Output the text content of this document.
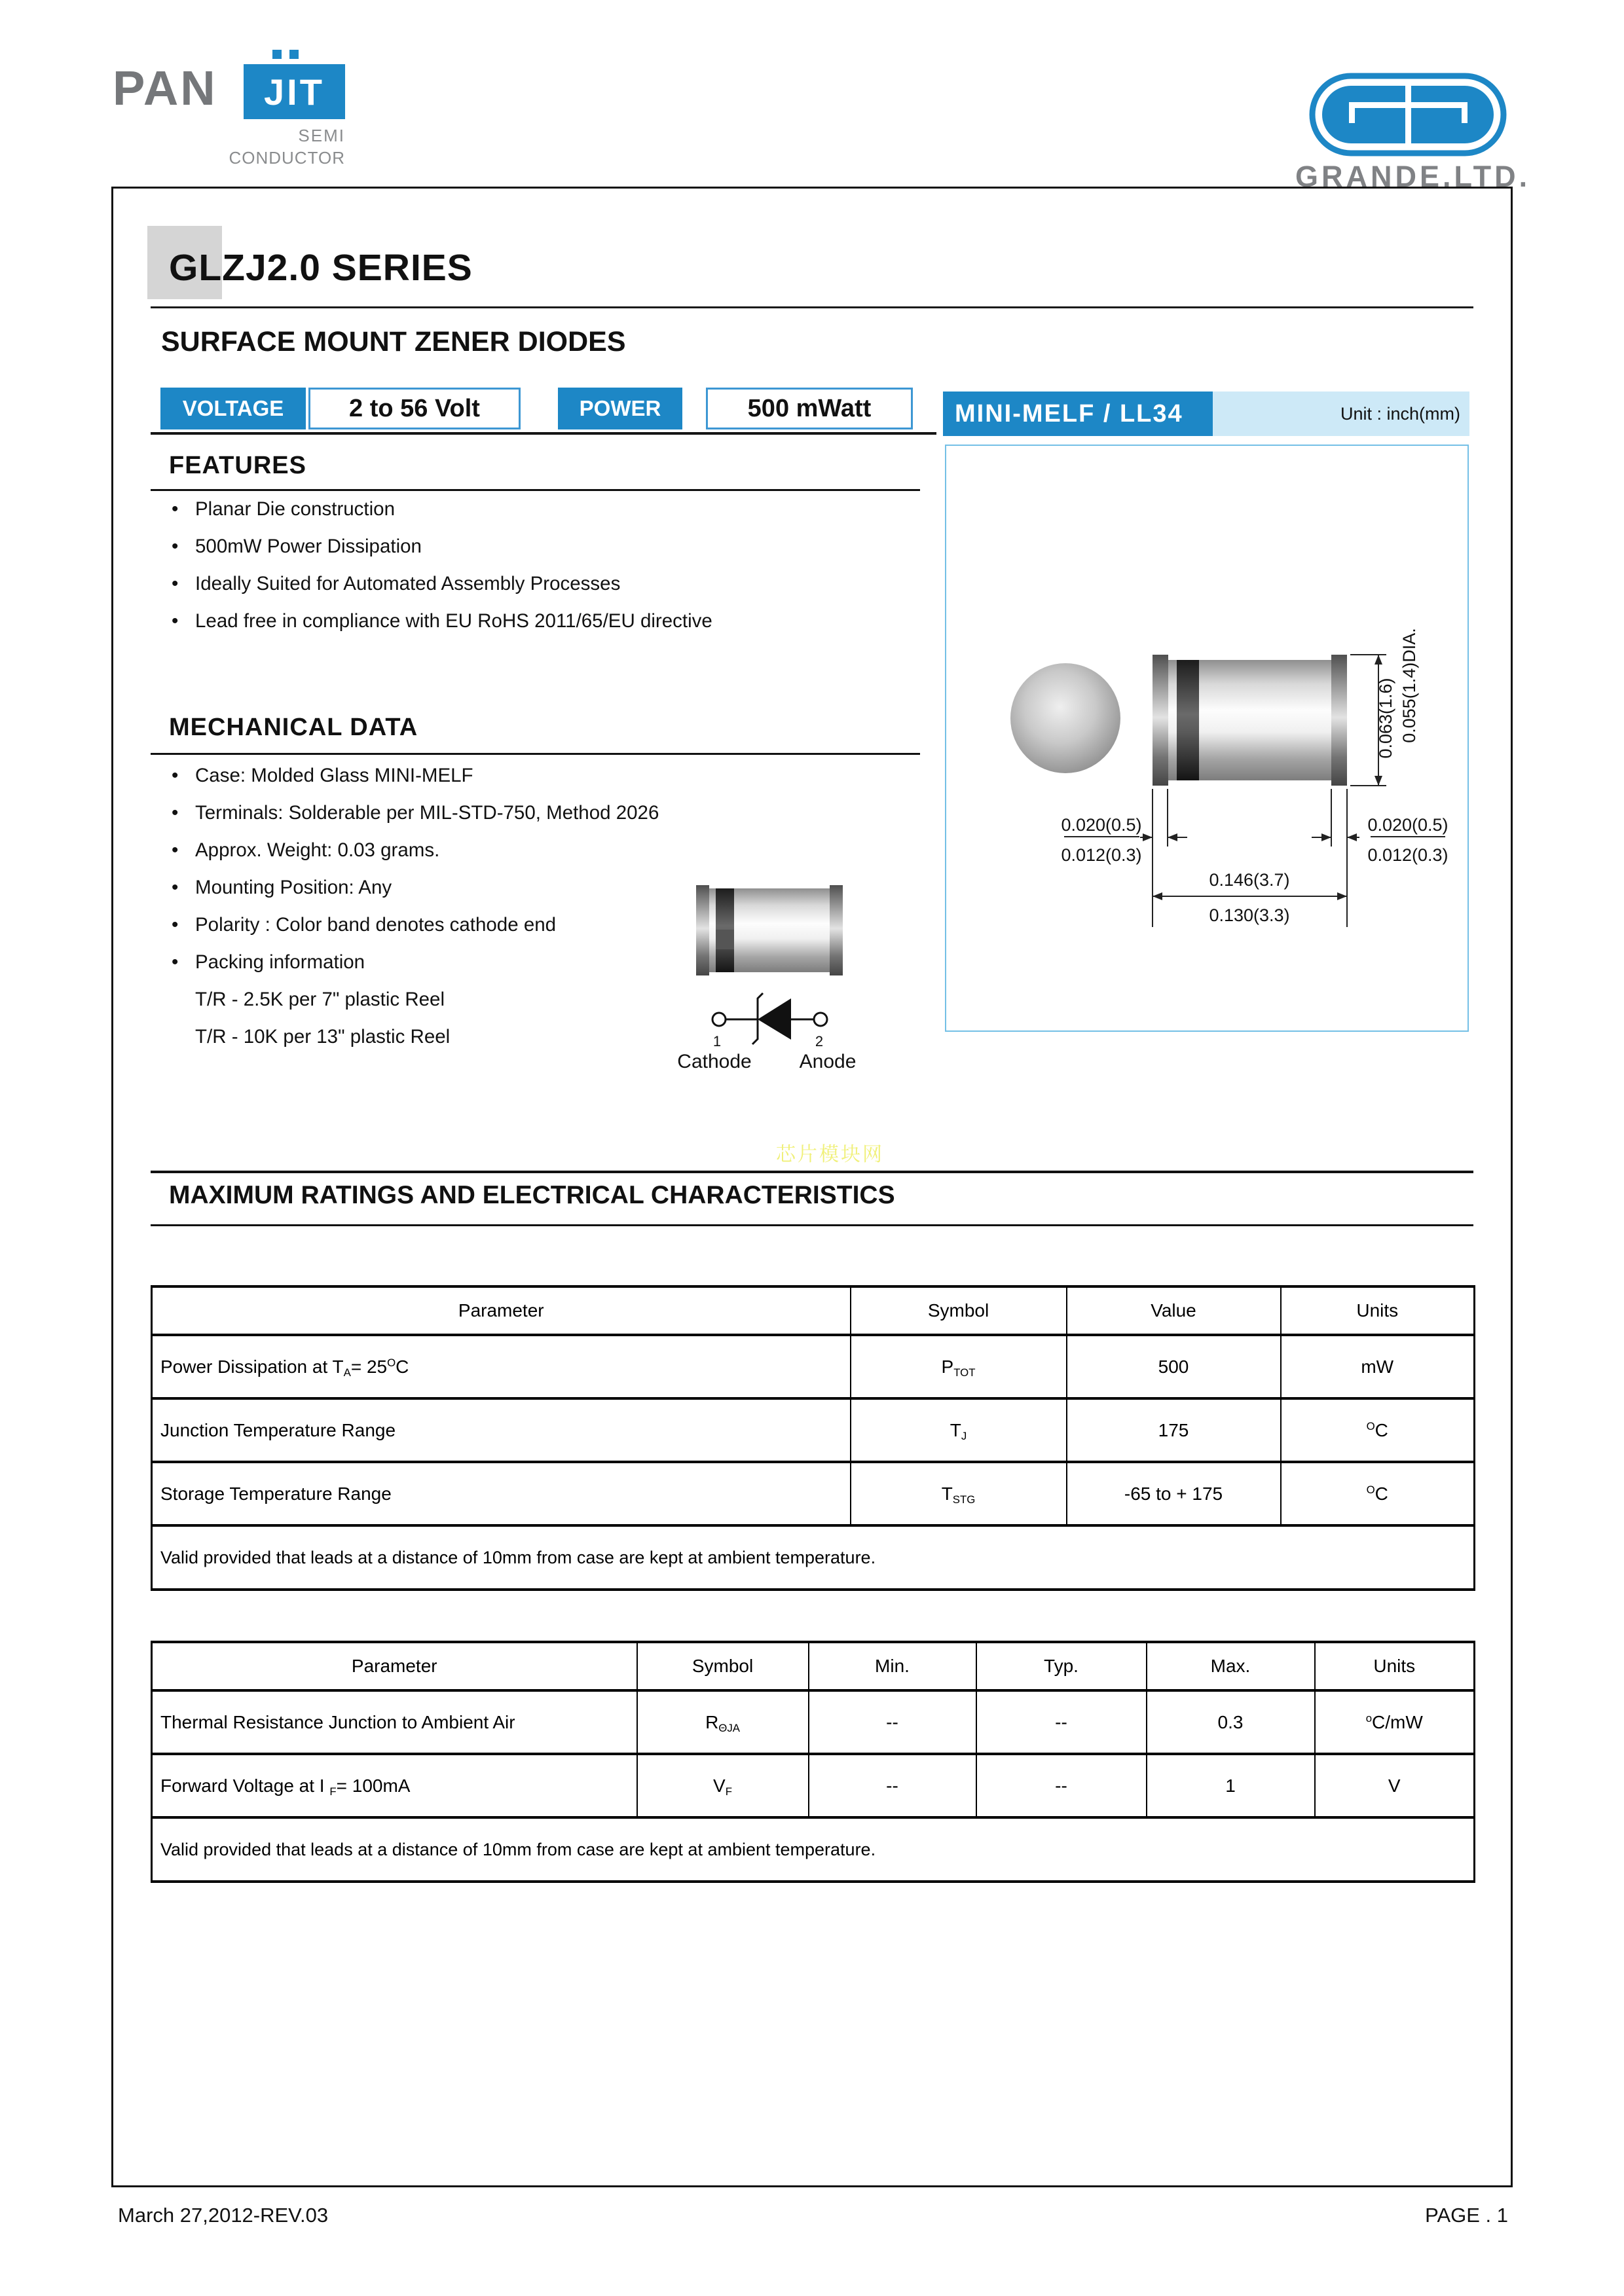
PAN	JIT
SEMI
CONDUCTOR
GRANDE.LTD.
GLZJ2.0 SERIES
SURFACE MOUNT ZENER DIODES
VOLTAGE	2 to 56 Volt	POWER	500 mWatt
FEATURES
• Planar Die construction
• 500mW Power Dissipation
• Ideally Suited for Automated Assembly Processes
• Lead free in compliance with EU RoHS 2011/65/EU directive
MINI-MELF / LL34	Unit : inch(mm)
0.063(1.6) 0.055(1.4)DIA.
0.020(0.5)
0.012(0.3)
0.020(0.5)
0.012(0.3)
0.146(3.7)
0.130(3.3)
MECHANICAL DATA
• Case: Molded Glass MINI-MELF
• Terminals: Solderable per MIL-STD-750, Method 2026
• Approx. Weight: 0.03 grams.
• Mounting Position: Any
• Polarity : Color band denotes cathode end
• Packing information
T/R - 2.5K per 7" plastic Reel
T/R - 10K per 13" plastic Reel	1	2
Cathode Anode
芯片模块网
MAXIMUM RATINGS AND ELECTRICAL CHARACTERISTICS
Parameter	Symbol	Value	Units
Power Dissipation at $T_A= 25^OC$	$P_{TOT}$	500	mW
Junction Temperature Range	$T_J$	175	$^O$C
Storage Temperature Range	$T_{STG}$	-65 to + 175	$^O$C
Valid provided that leads at a distance of 10mm from case are kept at ambient temperature.			
Parameter	Symbol	Min.	Typ.	Max.	Units
Thermal Resistance Junction to Ambient Air	$R_{\Theta JA}$	--	--	0.3	$^o$C/mW
Forward Voltage at I $_F$= 100mA	$V_F$	--	--	1	V
Valid provided that leads at a distance of 10mm from case are kept at ambient temperature.					
March 27,2012-REV.03	PAGE . 1
